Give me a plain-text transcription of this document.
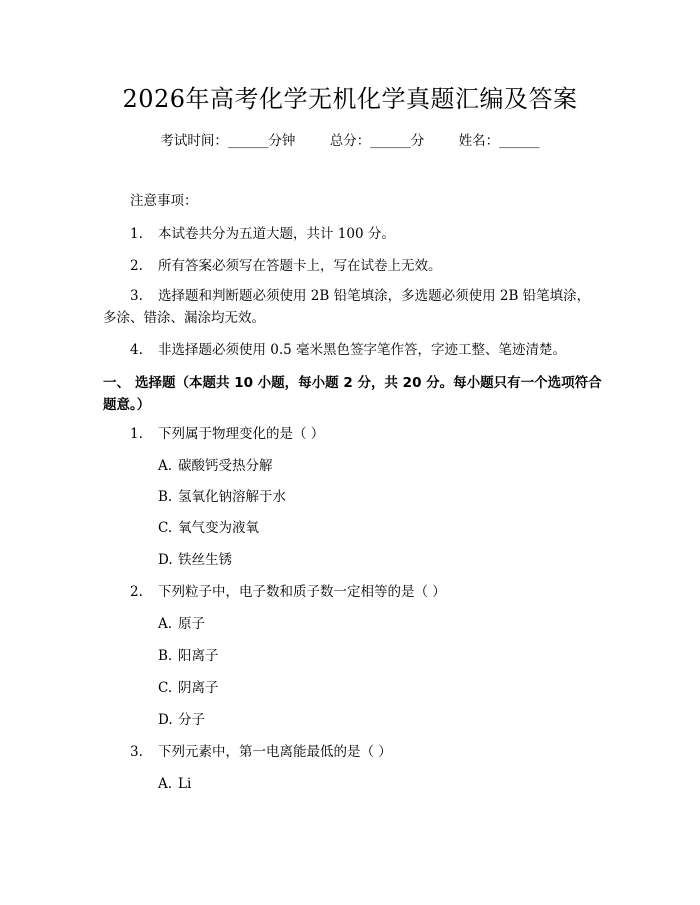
2026年高考化学无机化学真题汇编及答案
考试时间：______分钟	总分：______分	姓名：______
注意事项：
1. 本试卷共分为五道大题，共计 100 分。
2. 所有答案必须写在答题卡上，写在试卷上无效。
3. 选择题和判断题必须使用 2B 铅笔填涂，多选题必须使用 2B 铅笔填涂，多涂、错涂、漏涂均无效。
4. 非选择题必须使用 0.5 毫米黑色签字笔作答，字迹工整、笔迹清楚。
一、 选择题（本题共 10 小题，每小题 2 分，共 20 分。每小题只有一个选项符合题意。）
1. 下列属于物理变化的是（ ）
A. 碳酸钙受热分解
B. 氢氧化钠溶解于水
C. 氧气变为液氧
D. 铁丝生锈
2. 下列粒子中，电子数和质子数一定相等的是（ ）
A. 原子
B. 阳离子
C. 阴离子
D. 分子
3. 下列元素中，第一电离能最低的是（ ）
A. Li
